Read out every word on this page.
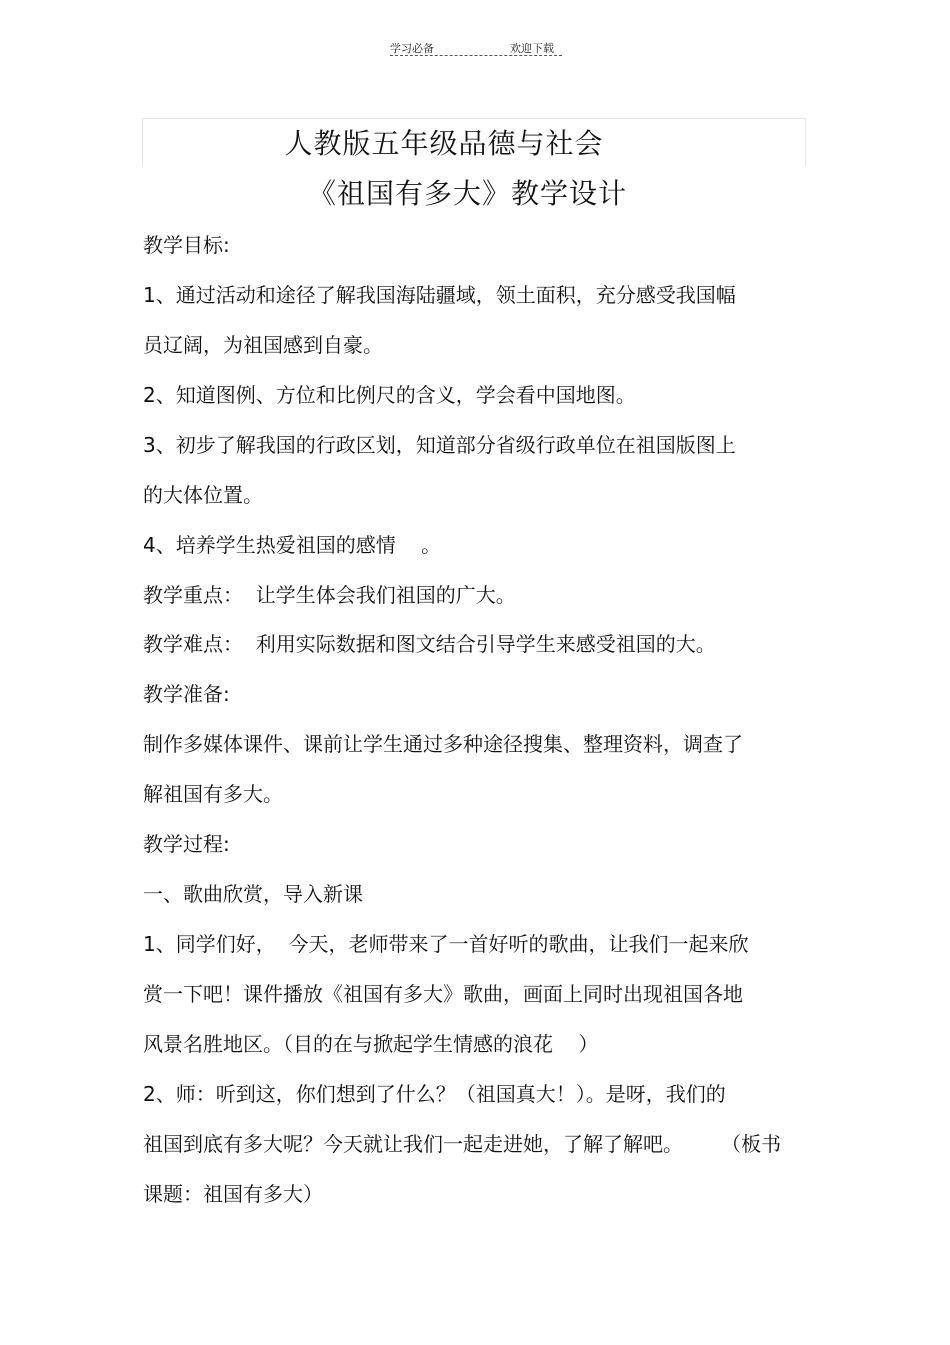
学习必备	欢迎下载
人教版五年级品德与社会
《祖国有多大》教学设计
教学目标:
1、通过活动和途径了解我国海陆疆域，领土面积，充分感受我国幅
员辽阔，为祖国感到自豪。
2、知道图例、方位和比例尺的含义，学会看中国地图。
3、初步了解我国的行政区划，知道部分省级行政单位在祖国版图上
的大体位置。
4、培养学生热爱祖国的感情    。
教学重点：  让学生体会我们祖国的广大。
教学难点：  利用实际数据和图文结合引导学生来感受祖国的大。
教学准备:
制作多媒体课件、课前让学生通过多种途径搜集、整理资料，调查了
解祖国有多大。
教学过程:
一、歌曲欣赏，导入新课
1、同学们好，  今天，老师带来了一首好听的歌曲，让我们一起来欣
赏一下吧！课件播放《祖国有多大》歌曲，画面上同时出现祖国各地
风景名胜地区。（目的在与掀起学生情感的浪花    ）
2、师：听到这，你们想到了什么？（祖国真大！）。是呀，我们的
祖国到底有多大呢？今天就让我们一起走进她，了解了解吧。      （板书
课题：祖国有多大）
